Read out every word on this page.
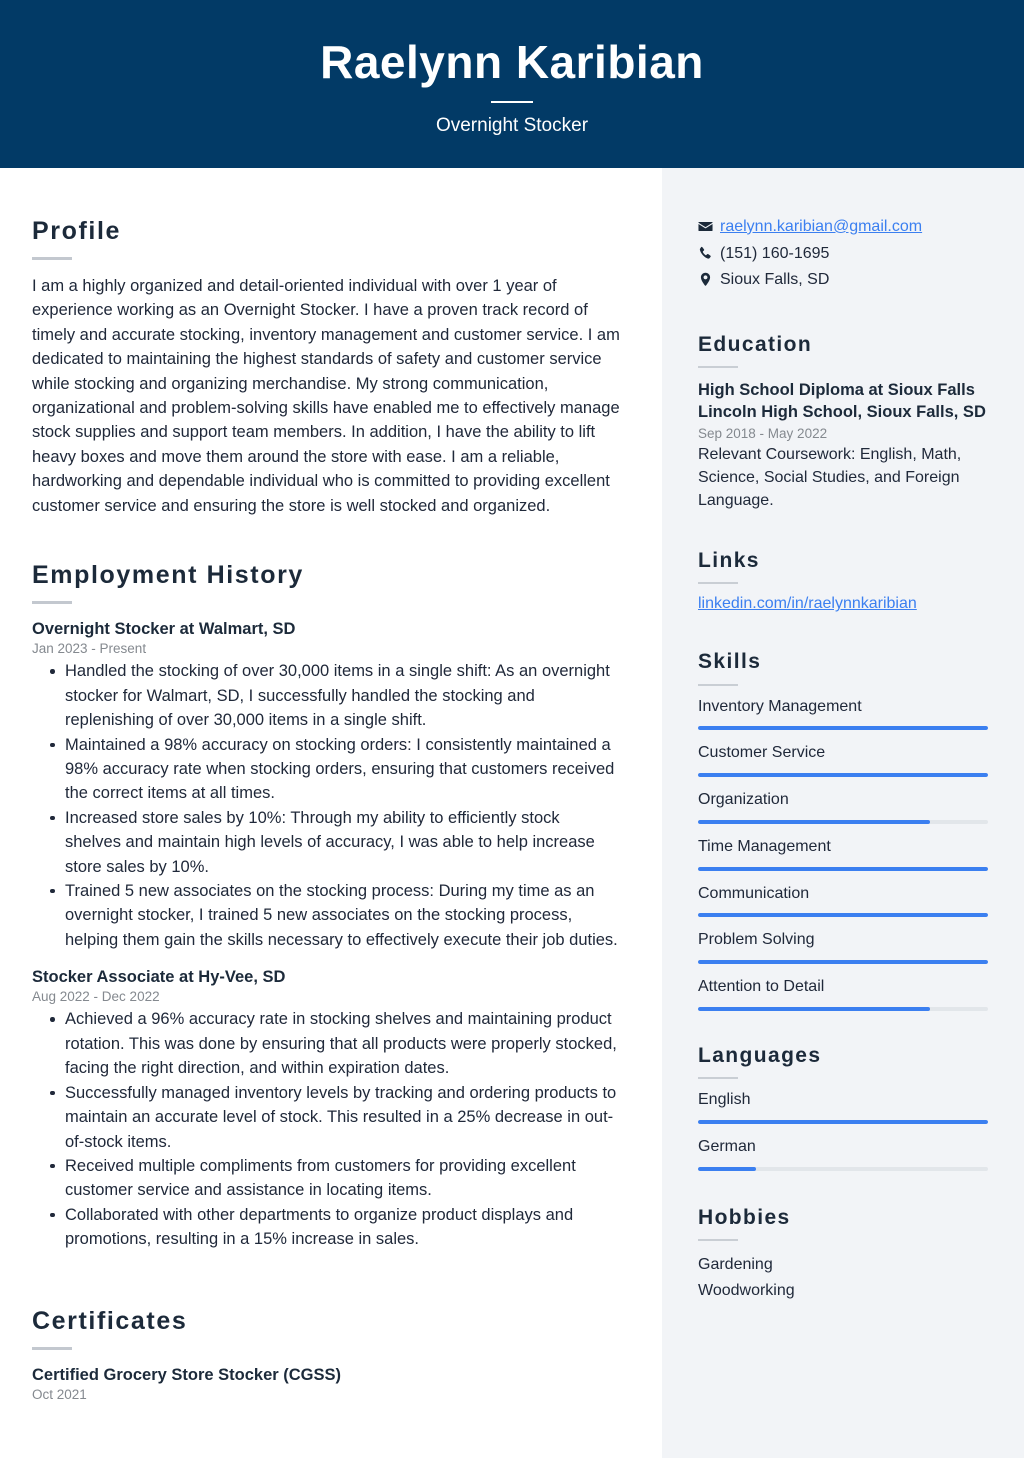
Raelynn Karibian
Overnight Stocker
Profile
I am a highly organized and detail-oriented individual with over 1 year of experience working as an Overnight Stocker. I have a proven track record of timely and accurate stocking, inventory management and customer service. I am dedicated to maintaining the highest standards of safety and customer service while stocking and organizing merchandise. My strong communication, organizational and problem-solving skills have enabled me to effectively manage stock supplies and support team members. In addition, I have the ability to lift heavy boxes and move them around the store with ease. I am a reliable, hardworking and dependable individual who is committed to providing excellent customer service and ensuring the store is well stocked and organized.
Employment History
Overnight Stocker at Walmart, SD
Jan 2023 - Present
Handled the stocking of over 30,000 items in a single shift: As an overnight stocker for Walmart, SD, I successfully handled the stocking and replenishing of over 30,000 items in a single shift.
Maintained a 98% accuracy on stocking orders: I consistently maintained a 98% accuracy rate when stocking orders, ensuring that customers received the correct items at all times.
Increased store sales by 10%: Through my ability to efficiently stock shelves and maintain high levels of accuracy, I was able to help increase store sales by 10%.
Trained 5 new associates on the stocking process: During my time as an overnight stocker, I trained 5 new associates on the stocking process, helping them gain the skills necessary to effectively execute their job duties.
Stocker Associate at Hy-Vee, SD
Aug 2022 - Dec 2022
Achieved a 96% accuracy rate in stocking shelves and maintaining product rotation. This was done by ensuring that all products were properly stocked, facing the right direction, and within expiration dates.
Successfully managed inventory levels by tracking and ordering products to maintain an accurate level of stock. This resulted in a 25% decrease in out-of-stock items.
Received multiple compliments from customers for providing excellent customer service and assistance in locating items.
Collaborated with other departments to organize product displays and promotions, resulting in a 15% increase in sales.
Certificates
Certified Grocery Store Stocker (CGSS)
Oct 2021
raelynn.karibian@gmail.com
(151) 160-1695
Sioux Falls, SD
Education
High School Diploma at Sioux Falls Lincoln High School, Sioux Falls, SD
Sep 2018 - May 2022
Relevant Coursework: English, Math, Science, Social Studies, and Foreign Language.
Links
linkedin.com/in/raelynnkaribian
Skills
Inventory Management
Customer Service
Organization
Time Management
Communication
Problem Solving
Attention to Detail
Languages
English
German
Hobbies
Gardening
Woodworking
